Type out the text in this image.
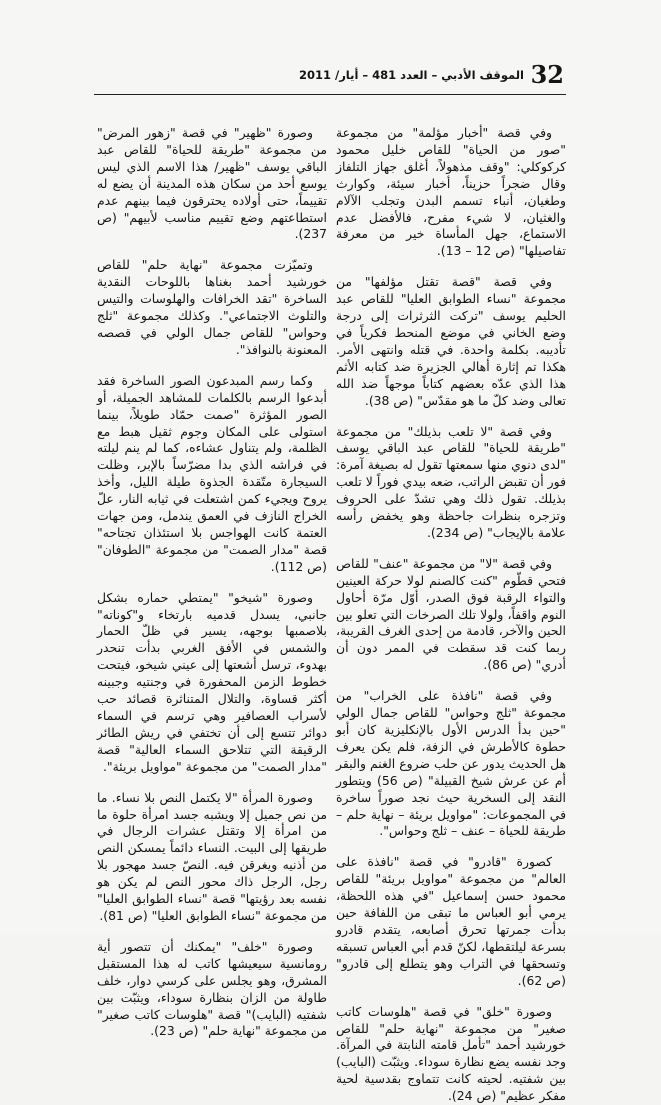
32
الموقف الأدبي – العدد 481 – أيار/ 2011

وفي قصة "أخبار مؤلمة" من مجموعة "صور من الحياة" للقاص خليل محمود كركوكلي: "وقف مذهولاً، أغلق جهاز التلفاز وقال ضجراً حزيناً، أخبار سيئة، وكوارث وطغيان، أنباء تسمم البدن وتجلب الآلام والغثيان، لا شيء مفرح، فالأفضل عدم الاستماع، جهل المأساة خير من معرفة تفاصيلها" (ص 12 – 13).

وفي قصة "قصة تقتل مؤلفها" من مجموعة "نساء الطوابق العليا" للقاص عبد الحليم يوسف "تركت الثرثرات إلى درجة وضع الخاني في موضع المنحط فكرياً في تأديبه. بكلمة واحدة. في قتله وانتهى الأمر. هكذا تم إثارة أهالي الجزيرة ضد كتابه الأثم هذا الذي عدّه بعضهم كتاباً موجهاً ضد الله تعالى وضد كلّ ما هو مقدّس" (ص 38).

وفي قصة "لا تلعب بذيلك" من مجموعة "طريقة للحياة" للقاص عبد الباقي يوسف "لدى دنوي منها سمعتها تقول له بصيغة آمرة: فور أن تقبض الراتب، ضعه بيدي فوراً لا تلعب بذيلك. تقول ذلك وهي تشدّ على الحروف وتزجره بنظرات جاحظة وهو يخفض رأسه علامة بالإيجاب" (ص 234).

وفي قصة "لا" من مجموعة "عنف" للقاص فتحي قطّوم "كنت كالصنم لولا حركة العينين والتواء الرقبة فوق الصدر، أوّل مرّة أحاول النوم واقفاً، ولولا تلك الصرخات التي تعلو بين الحين والآخر، قادمة من إحدى الغرف القريبة، ربما كنت قد سقطت في الممر دون أن أدري" (ص 86).

وفي قصة "نافذة على الخراب" من مجموعة "ثلج وحواس" للقاص جمال الولي "حين بدأ الدرس الأول بالإنكليزية كان أبو حطوة كالأطرش في الزفة، فلم يكن يعرف هل الحديث يدور عن حلب ضروع الغنم والبقر أم عن عرش شيخ القبيلة" (ص 56) ويتطور النقد إلى السخرية حيث نجد صوراً ساخرة في المجموعات: "مواويل بريئة – نهاية حلم – طريقة للحياة – عنف – ثلج وحواس".

كصورة "قادرو" في قصة "نافذة على العالم" من مجموعة "مواويل بريئة" للقاص محمود حسن إسماعيل "في هذه اللحظة، يرمي أبو العباس ما تبقى من اللفافة حين بدأت جمرتها تحرق أصابعه، يتقدم قادرو بسرعة ليلتقطها، لكنّ قدم أبي العباس تسبقه وتسحقها في التراب وهو يتطلع إلى قادرو" (ص 62).

وصورة "خلق" في قصة "هلوسات كاتب صغير" من مجموعة "نهاية حلم" للقاص خورشيد أحمد "تأمل قامته النابتة في المرآة. وجد نفسه يضع نظارة سوداء. ويثبّت (البايب) بين شفتيه. لحيته كانت تتماوج بقدسية لحية مفكر عظيم" (ص 24).

وصورة "ظهير" في قصة "زهور المرض" من مجموعة "طريقة للحياة" للقاص عبد الباقي يوسف "ظهير/ هذا الاسم الذي ليس يوسع أحد من سكان هذه المدينة أن يضع له تقييماً، حتى أولاده يحترقون فيما بينهم عدم استطاعتهم وضع تقييم مناسب لأبيهم" (ص 237).

وتميّزت مجموعة "نهاية حلم" للقاص خورشيد أحمد بغناها باللوحات النقدية الساخرة "تقد الخرافات والهلوسات والتيس والتلوث الاجتماعي". وكذلك مجموعة "ثلج وحواس" للقاص جمال الولي في قصصه المعنونة بالنوافذ".

وكما رسم المبدعون الصور الساخرة فقد أبدعوا الرسم بالكلمات للمشاهد الجميلة، أو الصور المؤثرة "صمت حمّاد طويلاً، بينما استولى على المكان وجوم ثقيل هبط مع الظلمة، ولم يتناول عشاءه، كما لم ينم ليلته في فراشه الذي بدا مضرّساً بالإبر، وظلت السيجارة متّقدة الجذوة طيلة الليل، وأخذ يروح ويجيء كمن اشتعلت في ثيابه النار، علّ الخراج النازف في العمق يندمل، ومن جهات العتمة كانت الهواجس بلا استئذان تجتاحه" قصة "مدار الصمت" من مجموعة "الطوفان" (ص 112).

وصورة "شيخو" "يمتطي حماره بشكل جانبي، يسدل قدميه بارتخاء و"كوناته" بلاصمبها بوجهه، يسير في ظلّ الحمار والشمس في الأفق الغربي بدأت تنحدر بهدوء، ترسل أشعتها إلى عيني شيخو، فيتحت خطوط الزمن المحفورة في وجنتيه وجبينه أكثر قساوة، والتلال المتناثرة قصائد حب لأسراب العصافير وهي ترسم في السماء دوائر تتسع إلى أن تختفي في ريش الطائر الرقيقة التي تتلاحق السماء العالية" قصة "مدار الصمت" من مجموعة "مواويل بريئة".

وصورة المرأة "لا يكتمل النص بلا نساء. ما من نص جميل إلا ويشبه جسد امرأة حلوة ما من امرأة إلا وتقتل عشرات الرجال في طريقها إلى البيت. النساء دائماً يمسكن النص من أذنيه ويغرقن فيه. النصّ جسد مهجور بلا رجل، الرجل ذاك محور النص لم يكن هو نفسه بعد رؤيتها" قصة "نساء الطوابق العليا" من مجموعة "نساء الطوابق العليا" (ص 81).

وصورة "خلف" "يمكنك أن تتصور أية رومانسية سيعيشها كاتب له هذا المستقبل المشرق، وهو يجلس على كرسي دوار، خلف طاولة من الزان بنظارة سوداء، ويثبّت بين شفتيه (البايب)" قصة "هلوسات كاتب صغير" من مجموعة "نهاية حلم" (ص 23).
